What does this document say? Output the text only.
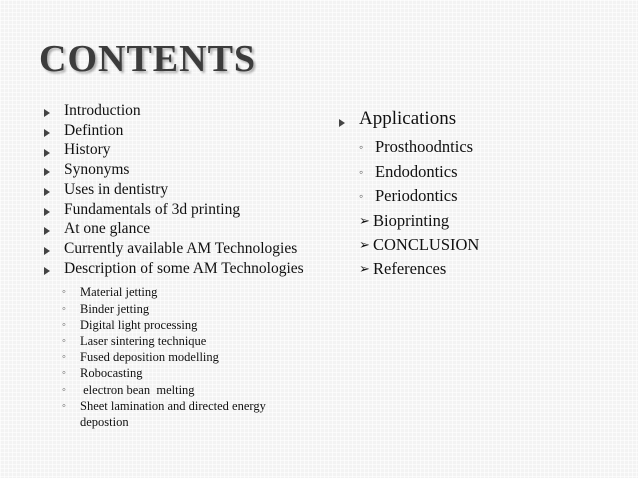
CONTENTS
Introduction
Defintion
History
Synonyms
Uses in dentistry
Fundamentals of 3d printing
At one glance
Currently available AM Technologies
Description of some AM Technologies
◦ Material jetting
◦ Binder jetting
◦ Digital light processing
◦ Laser sintering technique
◦ Fused deposition modelling
◦ Robocasting
◦ electron bean  melting
◦ Sheet lamination and directed energy depostion
Applications
◦ Prosthoodntics
◦ Endodontics
◦ Periodontics
➢ Bioprinting
➢ CONCLUSION
➢ References
